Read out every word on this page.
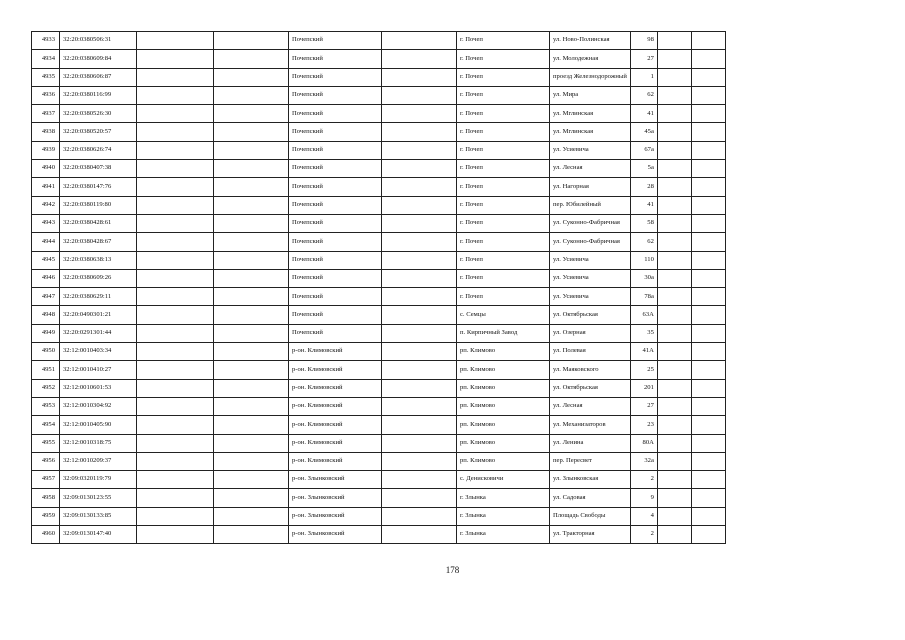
4933	32:20:0380506:31			Почепский		г. Почеп	ул. Ново-Полинская	98		
4934	32:20:0380609:84			Почепский		г. Почеп	ул. Молодежная	27		
4935	32:20:0380606:87			Почепский		г. Почеп	проезд Железнодорожный	1		
4936	32:20:0380116:99			Почепский		г. Почеп	ул. Мира	62		
4937	32:20:0380526:30			Почепский		г. Почеп	ул. Мглинская	41		
4938	32:20:0380520:57			Почепский		г. Почеп	ул. Мглинская	45а		
4939	32:20:0380626:74			Почепский		г. Почеп	ул. Усиевича	67а		
4940	32:20:0380407:38			Почепский		г. Почеп	ул. Лесная	5а		
4941	32:20:0380147:76			Почепский		г. Почеп	ул. Нагорная	28		
4942	32:20:0380119:80			Почепский		г. Почеп	пер. Юбилейный	41		
4943	32:20:0380428:61			Почепский		г. Почеп	ул. Суконно-Фабричная	58		
4944	32:20:0380428:67			Почепский		г. Почеп	ул. Суконно-Фабричная	62		
4945	32:20:0380638:13			Почепский		г. Почеп	ул. Усиевича	110		
4946	32:20:0380609:26			Почепский		г. Почеп	ул. Усиевича	30а		
4947	32:20:0380629:11			Почепский		г. Почеп	ул. Усиевича	78а		
4948	32:20:0490301:21			Почепский		с. Семцы	ул. Октябрьская	63А		
4949	32:20:0291301:44			Почепский		п. Кирпичный Завод	ул. Озерная	35		
4950	32:12:0010403:34			р-он. Климовский		рп. Климово	ул. Полевая	41А		
4951	32:12:0010410:27			р-он. Климовский		рп. Климово	ул. Маяковского	25		
4952	32:12:0010601:53			р-он. Климовский		рп. Климово	ул. Октябрьская	201		
4953	32:12:0010304:92			р-он. Климовский		рп. Климово	ул. Лесная	27		
4954	32:12:0010405:90			р-он. Климовский		рп. Климово	ул. Механизаторов	23		
4955	32:12:0010318:75			р-он. Климовский		рп. Климово	ул. Ленина	80А		
4956	32:12:0010209:37			р-он. Климовский		рп. Климово	пер. Пересвет	32а		
4957	32:09:0320119:79			р-он. Злынковский		с. Денисковичи	ул. Злынковская	2		
4958	32:09:0130123:55			р-он. Злынковский		г. Злынка	ул. Садовая	9		
4959	32:09:0130133:85			р-он. Злынковский		г. Злынка	Площадь Свободы	4		
4960	32:09:0130147:40			р-он. Злынковский		г. Злынка	ул. Тракторная	2		
178
